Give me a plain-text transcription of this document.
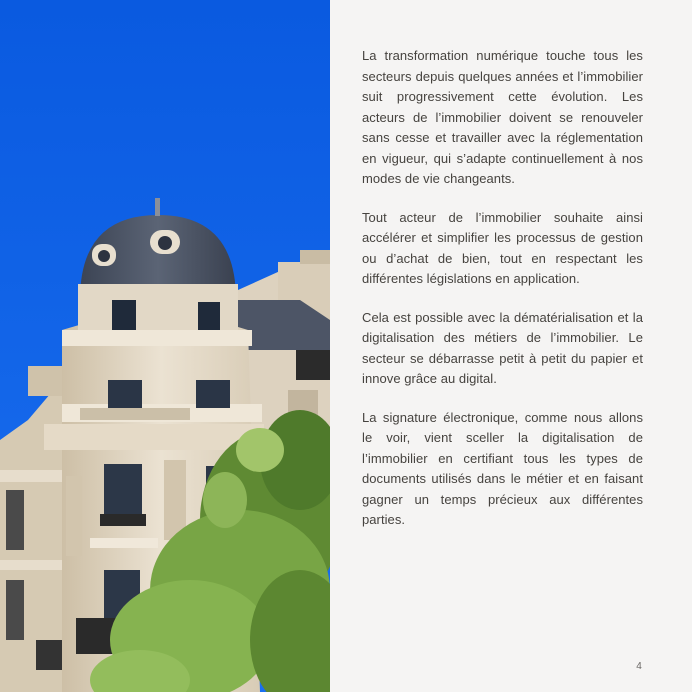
La transformation numérique touche tous les secteurs depuis quelques années et l’immobilier suit progressivement cette évolution. Les acteurs de l’immobilier doivent se renouveler sans cesse et travailler avec la réglementation en vigueur, qui s’adapte continuellement à nos modes de vie changeants.

Tout acteur de l’immobilier souhaite ainsi accélérer et simplifier les processus de gestion ou d’achat de bien, tout en respectant les différentes législations en application.

Cela est possible avec la dématérialisation et la digitalisation des métiers de l’immobilier. Le secteur se débarrasse petit à petit du papier et innove grâce au digital.

La signature électronique, comme nous allons le voir, vient sceller la digitalisation de l’immobilier en certifiant tous les types de documents utilisés dans le métier et en faisant gagner un temps précieux aux différentes parties.

4
